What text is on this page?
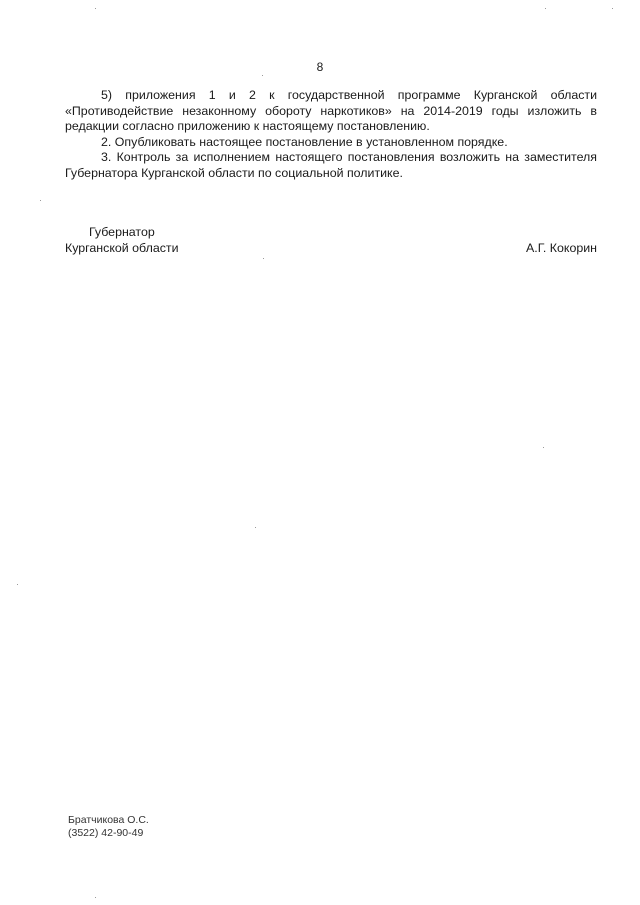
8

5) приложения 1 и 2 к государственной программе Курганской области «Противодействие незаконному обороту наркотиков» на 2014-2019 годы изложить в редакции согласно приложению к настоящему постановлению.

2. Опубликовать настоящее постановление в установленном порядке.

3. Контроль за исполнением настоящего постановления возложить на заместителя Губернатора Курганской области по социальной политике.

Губернатор
Курганской области	А.Г. Кокорин
Братчикова О.С.
(3522) 42-90-49
